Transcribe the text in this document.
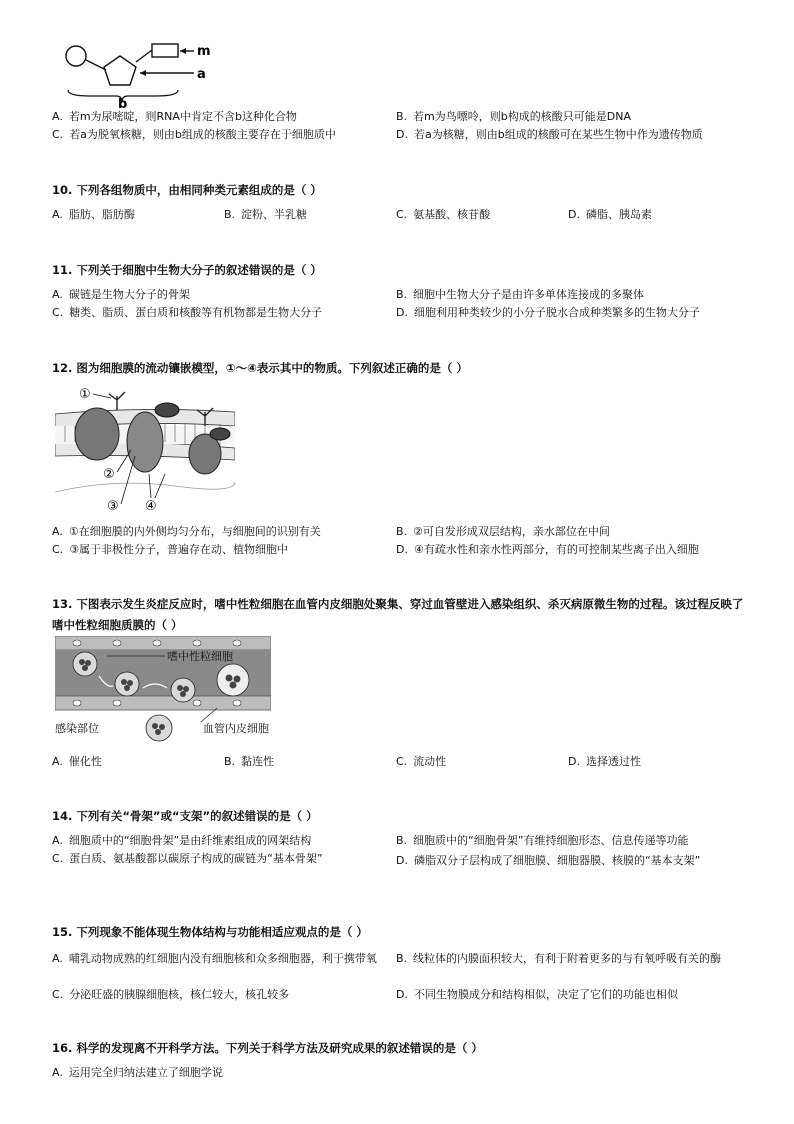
m
a
b
A. 若m为尿嘧啶，则RNA中肯定不含b这种化合物	B. 若m为鸟嘌呤，则b构成的核酸只可能是DNA
C. 若a为脱氧核糖，则由b组成的核酸主要存在于细胞质中	D. 若a为核糖，则由b组成的核酸可在某些生物中作为遗传物质
10. 下列各组物质中，由相同种类元素组成的是（ ）
A. 脂肪、脂肪酶	B. 淀粉、半乳糖	C. 氨基酸、核苷酸	D. 磷脂、胰岛素
11. 下列关于细胞中生物大分子的叙述错误的是（ ）
A. 碳链是生物大分子的骨架	B. 细胞中生物大分子是由许多单体连接成的多聚体
C. 糖类、脂质、蛋白质和核酸等有机物都是生物大分子	D. 细胞利用种类较少的小分子脱水合成种类繁多的生物大分子
12. 图为细胞膜的流动镶嵌模型，①～④表示其中的物质。下列叙述正确的是（ ）
①
②
③ ④
A. ①在细胞膜的内外侧均匀分布，与细胞间的识别有关	B. ②可自发形成双层结构，亲水部位在中间
C. ③属于非极性分子，普遍存在动、植物细胞中	D. ④有疏水性和亲水性两部分，有的可控制某些离子出入细胞
13. 下图表示发生炎症反应时，嗜中性粒细胞在血管内皮细胞处聚集、穿过血管壁进入感染组织、杀灭病原微生物的过程。该过程反映了嗜中性粒细胞质膜的（ ）
嗜中性粒细胞
感染部位	血管内皮细胞
A. 催化性	B. 黏连性	C. 流动性	D. 选择透过性
14. 下列有关“骨架”或“支架”的叙述错误的是（ ）
A. 细胞质中的“细胞骨架”是由纤维素组成的网架结构	B. 细胞质中的“细胞骨架”有维持细胞形态、信息传递等功能
C. 蛋白质、氨基酸都以碳原子构成的碳链为“基本骨架”	D. 磷脂双分子层构成了细胞膜、细胞器膜、核膜的“基本支架”
15. 下列现象不能体现生物体结构与功能相适应观点的是（ ）
A. 哺乳动物成熟的红细胞内没有细胞核和众多细胞器，利于携带氧	B. 线粒体的内膜面积较大，有利于附着更多的与有氧呼吸有关的酶
C. 分泌旺盛的胰腺细胞核，核仁较大，核孔较多	D. 不同生物膜成分和结构相似，决定了它们的功能也相似
16. 科学的发现离不开科学方法。下列关于科学方法及研究成果的叙述错误的是（ ）
A. 运用完全归纳法建立了细胞学说
